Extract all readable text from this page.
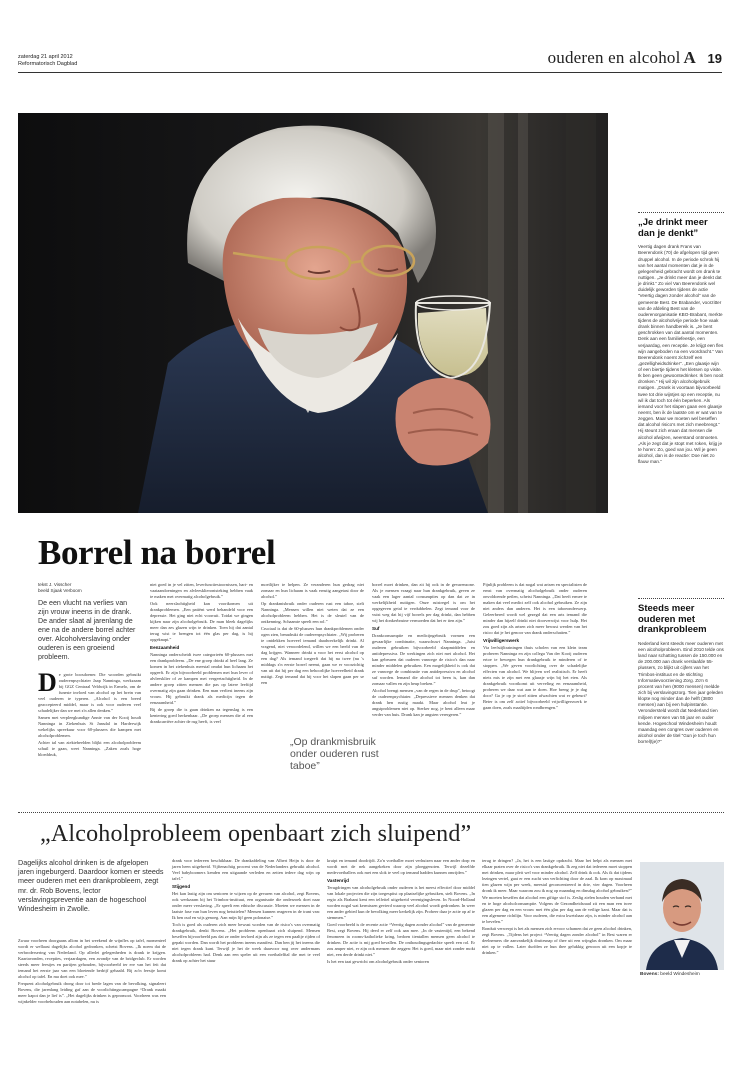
zaterdag 21 april 2012
Reformatorisch Dagblad	ouderen en alcohol A 19
Borrel na borrel
tekst J. Visscher
beeld Sjaak Verboom
De een vlucht na verlies van zijn vrouw ineens in de drank. De ander slaat al jarenlang de ene na de andere borrel achter over. Alcoholverslaving onder ouderen is een groeiend probleem.
D e grote boosdoener. Die woorden gebruikt ouderenpsychiater Jaap Nanninga, werkzaam bij GGZ Centraal Veldwijk in Ermelo, om de funeste invloed van alcohol op het brein van veel ouderen te typeren. „Alcohol is een breed geaccepteerd middel, maar is ook voor ouderen veel schadelijker dan we met z'n allen denken.”

Samen met verpleegkundige Annie van der Kooij houdt Nanninga in Ziekenhuis St Jansdal in Harderwijk wekelijks spreekuur voor 60-plussers die kampen met alcoholproblemen.

Achter tal van ziektebeelden blijkt een alcoholprobleem schuil te gaan, weet Nanninga. „Zaken zoals hoge bloeddruk,

niet goed in je vel zitten, leverfunctiestoornissen, hart- en vaataandoeningen en alvleesklierontsteking hebben vaak te maken met overmatig alcoholgebruik.”

Ook neerslachtigheid kan voortkomen uit drankproblemen. „Een patiënt werd behandeld voor een depressie. Het ging niet echt voorruit. Totdat we gingen kijken naar zijn alcoholgebruik. De man bleek dagelijks meer dan zes glazen wijn te drinken. Toen hij dat aantal terug wist te brengen tot één glas per dag, is hij opgeknapt.”

Eenzaamheid

Nanninga onderscheidt twee categorieën 60-plussers met een drankprobleem. „De ene groep drinkt al heel lang. Ze komen in het ziekenhuis meestal omdat hun lichaam het opgeeft. Er zijn bijvoorbeeld problemen met hun lever of alvleesklier of ze kampen met vergeetachtigheid. In de andere groep zitten mensen die pas op latere leeftijd overmatig zijn gaan drinken. Een man verliest ineens zijn vrouw. Hij gebruikt drank als medicijn tegen de eenzaamheid.”

Bij de groep die is gaan drinken na tegenslag is een kentering goed herkenbaar. „De groep mensen die al een drankcarrière achter de rug heeft, is veel

moeilijker te helpen. Ze veranderen hun gedrag niet zomaar en hun lichaam is vaak ernstig aangetast door de alcohol.”

Op drankmisbruik onder ouderen rust een taboe, stelt Nanninga. „Mensen willen niet weten dat ze een alcoholprobleem hebben. Het is de sleutel van de ontkenning. Schaamte speelt een rol.”

Cruciaal is dat de 60-plussers hun drankproblemen onder ogen zien, benadrukt de ouderenpsychiater. „Wij proberen te ontdekken hoeveel iemand daadwerkelijk drinkt. Al vragend, niet veroordelend, willen we een beeld van de dag krijgen. Wanneer drinkt u voor het eerst alcohol op een dag? Als iemand toegeeft dat hij na twee (nu 's middags z'n eerste borrel neemt, gaan we er voorzichtig van uit dat hij per dag een behoorlijke hoeveelheid drank nuttigt. Zegt iemand dat hij voor het slapen gaan per se een

„Op drankmisbruik onder ouderen rust taboe”

borrel moet drinken, dan zit hij ook in de gevarenzone. Als je mensen vraagt naar hun drankgebruik, geven ze vaak een lager aantal consumpties op dan dat ze in werkelijkheid nuttigen. Onze ruistregel is om het opgegeven getal te verdubbelen. Zegt iemand voor de vuist weg dat hij vijf borrels per dag drinkt, dan hebben wij het donkerbruine vermoeden dat het er tien zijn.”

Suf

Drankconsumptie en medicijngebruik vormen een gevaarlijke combinatie, waarschuwt Nanninga. „Juist ouderen gebruiken bijvoorbeeld slaapmiddelen en antidepressiva. De werkingen zich niet met alcohol. Het kan gebeuren dat ouderen vanwege de risico's dan naar minder middelen gebruiken. Een mogelijkheid is ook dat ze vanwege de combinatie van antidepressiva en alcohol suf worden. Iemand die alcohol tot been is, kan dan zomaar vallen en zijn heup breken.”

Alcohol brengt mensen „van de regen in de drup”, betoogt de ouderenpsychiater. „Depressieve mensen denken dat drank hen rustig maakt. Maar alcohol leat je angstproblemen niet op. Sterker nog, je bent alleen maar verder van huis. Drank kan je angsten verergeren.”

Pijnlijk probleem is dat nogal wat artsen en specialisten de ernst van overmatig alcoholgebruik onder ouderen onvoldoende peilen, schetst Nanninga. „Dat heeft ermee te maken dat veel medici zelf ook alcohol gebruiken. Ze zijn niet anders dan anderen. Het is een taboeonderwerp. Geleerbered wordt wel gezegd dat een arts iemand die minder dan hijzelf drinkt niet doorverwijst voor hulp. Het zou goed zijn als artsen zich meer bewust werden van het risico dat je het genoor van drank onderschatten.”

Vrijwilligerswerk

Via leefstijltrainingen thuis scholen van een klein team proberen Nanninga en zijn collega Van der Kooij ouderen ertoe te bewegen hun drankgebruik te minderen of te stoppen. „We geven voorlichting over de schadelijke effecten van alcohol. We blijven wel realistisch. Er heeft niets mis te zijn met een glaasje wijn bij het eten. Als drankgebruik voortkomt uit verveling en eenzaamheid, proberen we daar wat aan te doen. Hoe breng je je dag door? Ga je op je stoel zitten afwachten wat er gebeurt? Beter is om zelf actief bijvoorbeeld vrijwilligerswerk te gaan doen, zoals maaltijden rondbrengen.”

„Je drinkt meer dan je denkt”
Veertig dagen drank Frans van Beerendonk (70) de afgelopen tijd geen druppel alcohol. In de periode schrok hij van het aantal momenten dat je in de gelegenheid gebracht wordt om drank te nuttigen. „Je drinkt meer dan je denkt dat je drinkt.” Zo viel Van Beerendonk wel duidelijk geworden tijdens de actie “Veertig dagen zonder alcohol” van de gemeente Best. De Brabander, voorzitter van de afdeling Best van de ouderenorganisatie KBO-Brabant, merkte tijdens de alcoholvrije periode hoe vaak drank binnen handbereik is. „Je bent geschrokken van dat aantal momenten. Denk aan een familiefeestje, een verjaardag, een receptie. Je krijgt een fles wijn aangeboden na een voordracht.” Van Beerendonk noemt zichzelf een „gezelligheidsdrinker”. „Een glaasje wijn of een biertje tijdens het kletsen op visite. Ik ben geen gewoontedrinker. Ik ben nooit dronken.” Hij wil zijn alcoholgebruik matigen. „Drank is voortaan bijvoorbeeld twee tot drie wijntjes op een receptie, nu wil ik dat toch tot één beperken. Als iemand voor het slapen gaan een glaasje neemt, ben ik de laatste om er wat van te zeggen. Maar we moeten wel beseffen dat alcohol risico's met zich meebrengt.” Hij steunt zich eraan dat mensen die alcohol afwijzen, weerstand ontmoeten. „Als je zegt dat je stopt met roken, krijg je te horen: Zo, goed van jou. Wil je geen alcohol, dan is de reactie: Doe niet zo flauw man.”
Steeds meer ouderen met drankprobleem
Nederland kent steeds meer ouderen met een alcoholprobleem. Eind 2010 telde ons land naar schatting tussen de 150.000 en de 200.000 aan drank verslaafde 55-plussers, zo blijkt uit cijfers van het Trimbos-instituut en de stichting Informatievoorziening Zorg. Zo'n 6 procent van hen (9000 mensen) meldde zich bij verslavingszorg. Tien jaar geleden klopte nog minder dan de helft (3800 mensen) aan bij een hulpinstantie. Verondersteld wordt dat Nederland tien miljoen mensen van 55 jaar en ouder kende. Hogeschool Windesheim houdt maandag een congres over ouderen en alcohol onder de titel “Gun je toch hun borrel(tje)?”
„Alcoholprobleem openbaart zich sluipend”
Dagelijks alcohol drinken is de afgelopen jaren ingeburgerd. Daardoor komen er steeds meer ouderen met een drankprobleem, zegt mr. dr. Rob Bovens, lector verslavingspreventie aan de hogeschool Windesheim in Zwolle.

Zwaar voorheen doorgaans allom in het weekend de wijnfles op tafel, momenteel wordt er wellaast dagelijks alcohol gedronken, schetst Bovens. „Ik noem dat de verbrodersering van Nederland. Op allerlei gelegenheden is drank te krijgen. Kaartavonden, recepties, verjaardagen, een avondje van de bridgeclub. Er worden steeds meer feestjes en partijen gehouden, bijvoorbeeld ter ere van het feit dat iemand het eerste jaar van een bloeiende bedrijf gehaald. Bij zo'n feestje komt alcohol op tafel. En ma doet ook mee.”

Frequent alcoholgebruik drong door tot brede lagen van de bevolking, signaleert Bovens, die jarenlang leiding gaf aan de voorlichtingscampagne “Drank maakt meer kapot dan je lief is”. „Het dagelijks drinken is gepromoot. Voorheen was een wijnkelder voorbehouden aan notabelen, nu is

drank voor iedereen beschikbaar. De drankafdeling van Albert Heijn is door de jaren heen uitgebreid. Vijftenachtig procent van de Nederlanders gebruikt alcohol. Veel babyboomers kenden een uitgaande verleden en zetten iedere dag wijn op tafel.”

Stijgend

Het kan lastig zijn om senioren te wijzen op de gevaren van alcohol, zegt Bovens, ook werkzaam bij het Trimbos-instituut, een organisatie die onderzoek doet naar onder meer verslaving. „Er speelt een ethische discussie. Moeten we mensen in de laatste fase van hun leven nog betuttelen? Mensen kunnen reageren in de trant van: Ik ben oud en wijs genoeg. Aan mijn lijf geen polonaise.”

Toch is goed als ouderen zich meer bewust worden van de risico's van overmatig drankgebruik, denkt Bovens. „Het probleem openbaart zich sluipend. Mensen beseffen bijvoorbeeld pas dat ze onder invloed zijn als ze tegen een paaltje rijden of gepakt worden. Dan wordt het probleem ineens manifest. Dan ben jij het ineens die niet tegen drank kunt. Terwijl je het de week daarvoor nog over andermans alcoholprobleem had. Denk aan een speler uit een voetbalelftal die met te veel drank op achter het stuur

kruipt en iemand doodrijdt. Zo'n voetballer moet verhuizen naar een ander dorp en wordt met de nek aangekeken door zijn ploeggenoten. Terwijl dezelfde medevoetballers ook met een slok te veel op iemand hadden kunnen omrijden.”

Vastenrijd

Terugdringen van alcoholgebruik onder ouderen is het meest effectief door middel van lokale projecten die zijn toegespitst op plaatselijke gebruiken, stelt Bovens. „In regio als Brabant kent een telfeitel uitgebreid verenigingsleven. In Noord-Holland worden nogal wat kermissen gevierd waarop veel alcohol wordt gedronken. In weer een ander gebied kun de bevolking meer kerkelijk zijn. Probeer daar je actie op af te stemmen.”

Goed voorbeeld is de recente actie “Veertig dagen zonder alcohol” van de gemeente Best, zegt Bovens. Hij deed er zelf ook aan mee. „In de vastentijd, een bekend fenomeen in rooms-katholieke kring, bedoen tientallen mensen geen alcohol te drinken. De actie is mij goed bevallen. De onthoudingsgedachte speelt een rol. Er zou amper niet, er zijn ook mensen die zeggen: Het is goed, maar niet zonder mokt niet, een derde drinkt niet.”

Is het een taai gewricht om alcoholgebruik onder senioren

terug te dringen? „Ja, het is een lastige opdracht. Maar het helpt als mensen met elkaar praten over de risico's van drankgebruik. Ik zeg niet dat iedereen moet stoppen met drinken, maar pleit wel voor minder alcohol. Zelf drink ik ook. Als ik dat tijdens lezingen vertel, gaat er een zucht van verlichting door de zaal. Ik kom op maximaal tien glazen wijn per week, meestal geconcentreerd in drie, vier dagen. Voorheen dronk ik meer. Maar waarom zou ik nog op maandag en dinsdag alcohol gebruiken?”

We moeten beseffen dat alcohol een giftige stof is. Zeslig zielen houden verband met en te hoge alcoholconsumptie. Volgens de Gezondheidsraad zit een man een twee glazen per dag en een vrouw met één glas per dag aan de veilige kant. Maar dat is een algemene richtlijn. Voor ouderen, die extra kwetsbaar zijn, is minder alcohol aan te bevelen.”

Ronduit verwerpt is het als mensen zich ervoor schamen dat ze geen alcohol drinken, zegt Bovens. „Tijdens het project “Veertig dagen zonder alcohol” in Best waren er deelnemers die aanvankelijk druttesnap of thee uit een wijnglas dronken. Om maar niet op te vallen. Later durfden ze hun thee gelukkig gewoon uit een kopje te drinken.”

Bovens: beeld Windesheim
